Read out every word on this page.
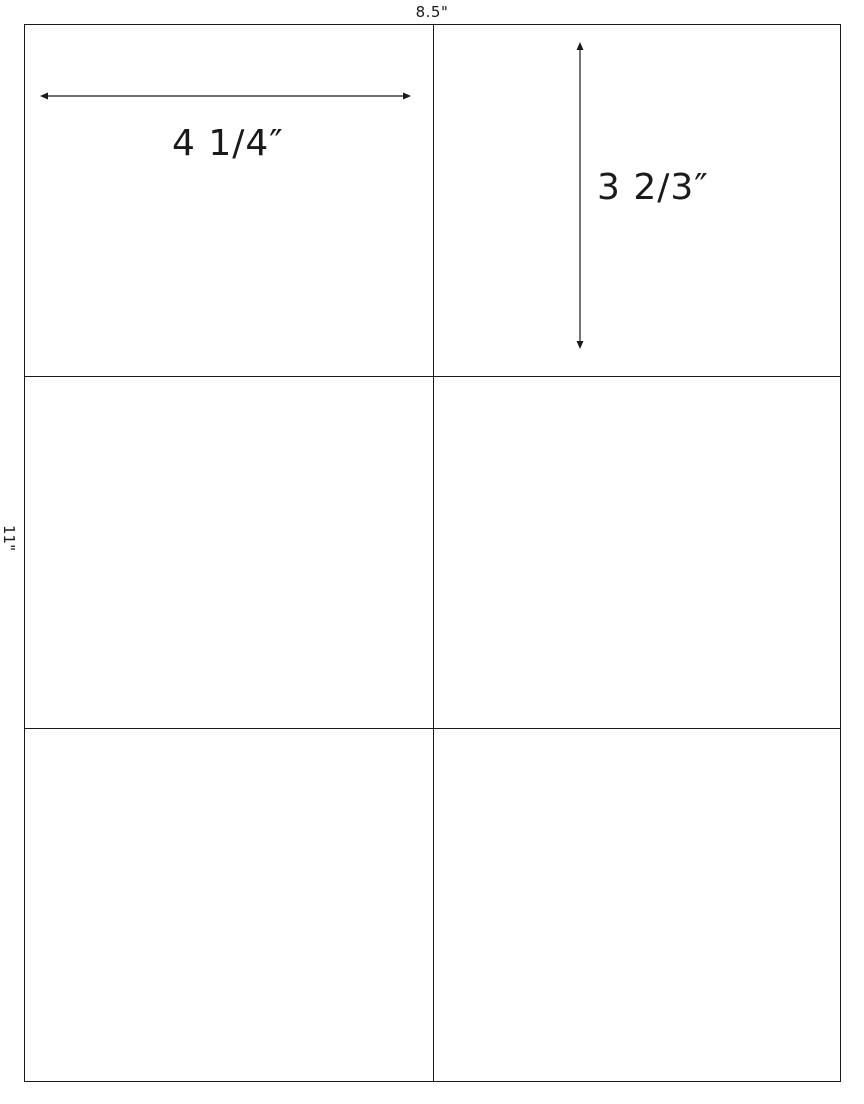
8.5"
11"
4 1/4″
3 2/3″
